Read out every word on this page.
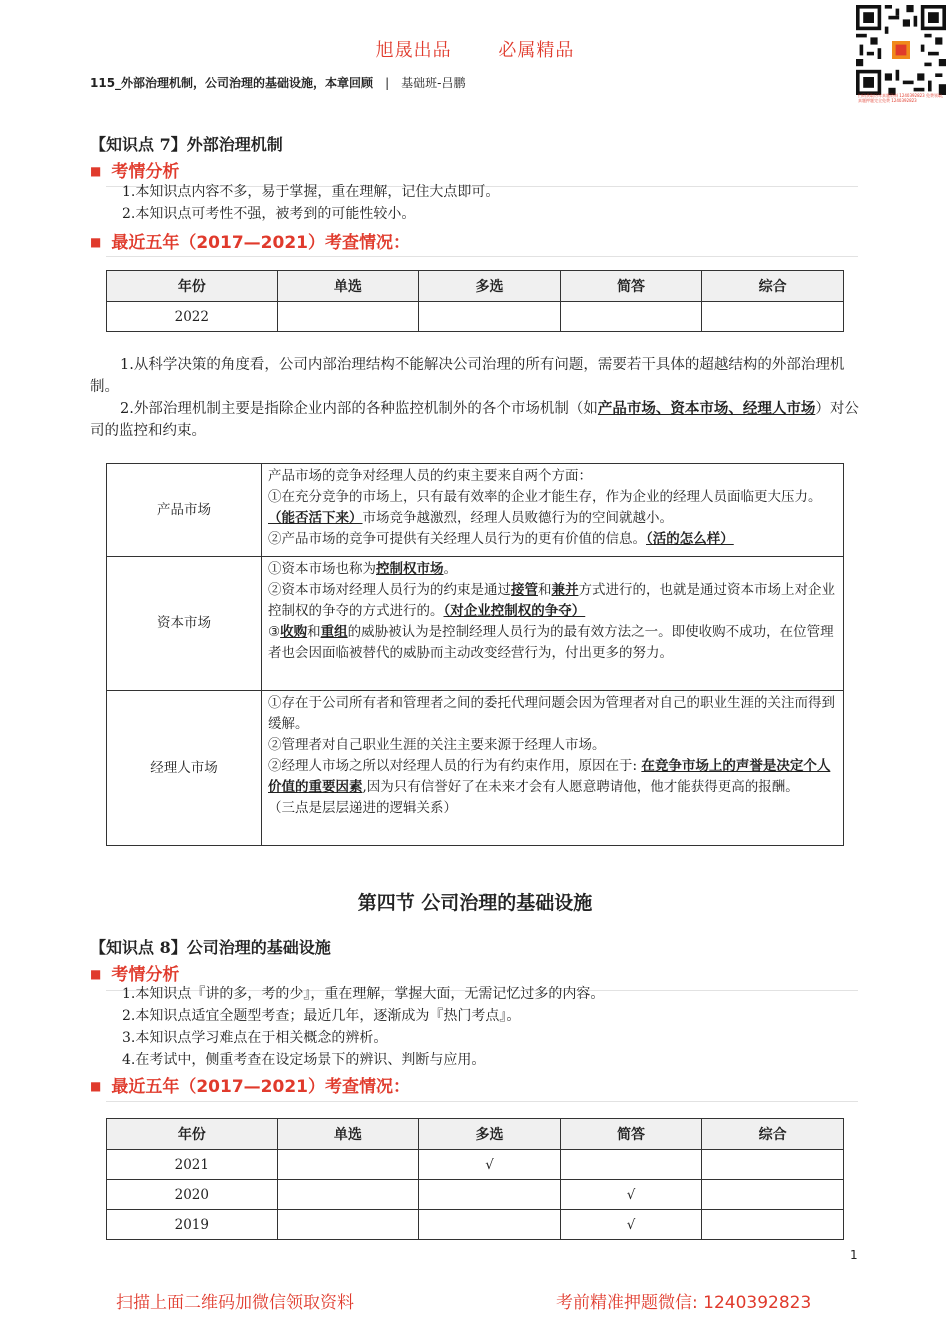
旭晟出品	必属精品
115_外部治理机制，公司治理的基础设施，本章回顾 | 基础班-吕鹏
扫码获取历年真题资料 1240392823 免费领取，真题押题完全免费 1240392823
【知识点 7】外部治理机制
■ 考情分析
1.本知识点内容不多，易于掌握，重在理解，记住大点即可。
2.本知识点可考性不强，被考到的可能性较小。
■ 最近五年（2017—2021）考查情况：
年份	单选	多选	简答	综合
2022				
1.从科学决策的角度看，公司内部治理结构不能解决公司治理的所有问题，需要若干具体的超越结构的外部治理机制。
2.外部治理机制主要是指除企业内部的各种监控机制外的各个市场机制（如产品市场、资本市场、经理人市场）对公司的监控和约束。
产品市场	产品市场的竞争对经理人员的约束主要来自两个方面：
①在充分竞争的市场上，只有最有效率的企业才能生存，作为企业的经理人员面临更大压力。（能否活下来）市场竞争越激烈，经理人员败德行为的空间就越小。
②产品市场的竞争可提供有关经理人员行为的更有价值的信息。（活的怎么样）

资本市场	①资本市场也称为控制权市场。
②资本市场对经理人员行为的约束是通过接管和兼并方式进行的，也就是通过资本市场上对企业控制权的争夺的方式进行的。（对企业控制权的争夺）
③收购和重组的威胁被认为是控制经理人员行为的最有效方法之一。即使收购不成功，在位管理者也会因面临被替代的威胁而主动改变经营行为，付出更多的努力。

经理人市场	①存在于公司所有者和管理者之间的委托代理问题会因为管理者对自己的职业生涯的关注而得到缓解。
②管理者对自己职业生涯的关注主要来源于经理人市场。
②经理人市场之所以对经理人员的行为有约束作用，原因在于: 在竞争市场上的声誉是决定个人价值的重要因素,因为只有信誉好了在未来才会有人愿意聘请他，他才能获得更高的报酬。
（三点是层层递进的逻辑关系）
第四节 公司治理的基础设施
【知识点 8】公司治理的基础设施
■ 考情分析
1.本知识点『讲的多，考的少』，重在理解，掌握大面，无需记忆过多的内容。
2.本知识点适宜全题型考查；最近几年，逐渐成为『热门考点』。
3.本知识点学习难点在于相关概念的辨析。
4.在考试中，侧重考查在设定场景下的辨识、判断与应用。
■ 最近五年（2017—2021）考查情况：
年份	单选	多选	简答	综合
2021		√		
2020			√	
2019			√	
1
扫描上面二维码加微信领取资料	考前精准押题微信: 1240392823
